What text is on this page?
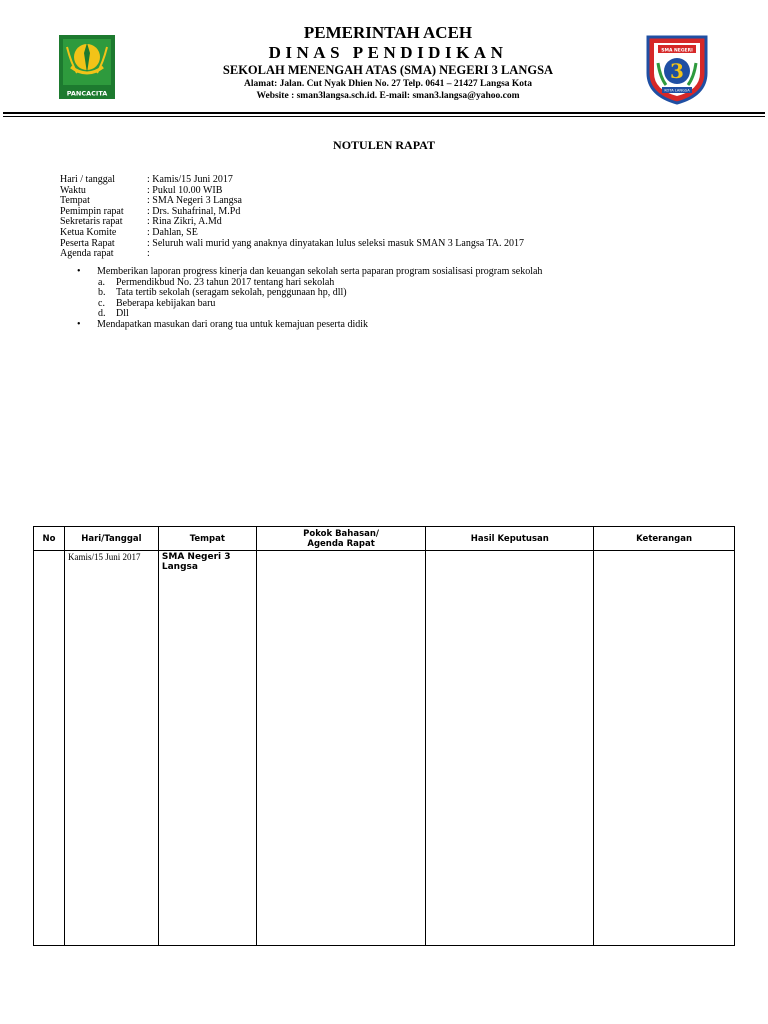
PANCACITA
SMA NEGERI
3
KOTA LANGSA
PEMERINTAH ACEH
DINAS PENDIDIKAN
SEKOLAH MENENGAH ATAS (SMA) NEGERI 3 LANGSA
Alamat: Jalan. Cut Nyak Dhien No. 27 Telp. 0641 – 21427 Langsa Kota
Website : sman3langsa.sch.id. E-mail: sman3.langsa@yahoo.com
NOTULEN RAPAT
Hari / tanggal	: Kamis/15 Juni 2017
Waktu	: Pukul 10.00 WIB
Tempat	: SMA Negeri 3 Langsa
Pemimpin rapat	: Drs. Suhafrinal, M.Pd
Sekretaris rapat	: Rina Zikri, A.Md
Ketua Komite	: Dahlan, SE
Peserta Rapat	: Seluruh wali murid yang anaknya dinyatakan lulus seleksi masuk SMAN 3 Langsa TA. 2017
Agenda rapat	:
• Memberikan laporan progress kinerja dan keuangan sekolah serta paparan program sosialisasi program sekolah
a. Permendikbud No. 23 tahun 2017 tentang hari sekolah
b. Tata tertib sekolah (seragam sekolah, penggunaan hp, dll)
c. Beberapa kebijakan baru
d. Dll
• Mendapatkan masukan dari orang tua untuk kemajuan peserta didik
No	Hari/Tanggal	Tempat	Pokok Bahasan/
Agenda Rapat	Hasil Keputusan	Keterangan
	Kamis/15 Juni 2017	SMA Negeri 3 Langsa			
